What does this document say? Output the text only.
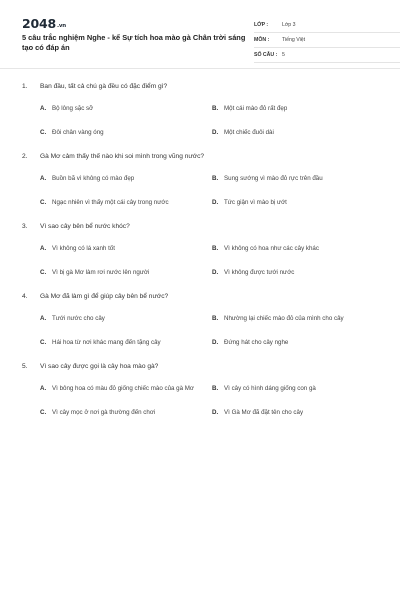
2048.vn
5 câu trắc nghiệm Nghe - kể Sự tích hoa mào gà Chân trời sáng tạo có đáp án
LỚP :	Lớp 3
MÔN :	Tiếng Việt
SỐ CÂU : 5
1.	Ban đầu, tất cả chú gà đều có đặc điểm gì?
A. Bộ lông sặc sỡ	B. Một cái mào đỏ rất đẹp
C. Đôi chân vàng óng	D. Một chiếc đuôi dài
2.	Gà Mơ cảm thấy thế nào khi soi mình trong vũng nước?
A. Buồn bã vì không có mào đẹp	B. Sung sướng vì mào đỏ rực trên đầu
C. Ngạc nhiên vì thấy một cái cây trong nước	D. Tức giận vì mào bị ướt
3.	Vì sao cây bên bể nước khóc?
A. Vì không có lá xanh tốt	B. Vì không có hoa như các cây khác
C. Vì bị gà Mơ làm rơi nước lên người	D. Vì không được tưới nước
4.	Gà Mơ đã làm gì để giúp cây bên bể nước?
A. Tưới nước cho cây	B. Nhường lại chiếc mào đỏ của mình cho cây
C. Hái hoa từ nơi khác mang đến tặng cây	D. Đứng hát cho cây nghe
5.	Vì sao cây được gọi là cây hoa mào gà?
A. Vì bông hoa có màu đỏ giống chiếc mào của gà Mơ	B. Vì cây có hình dáng giống con gà
C. Vì cây mọc ở nơi gà thường đến chơi	D. Vì Gà Mơ đã đặt tên cho cây
